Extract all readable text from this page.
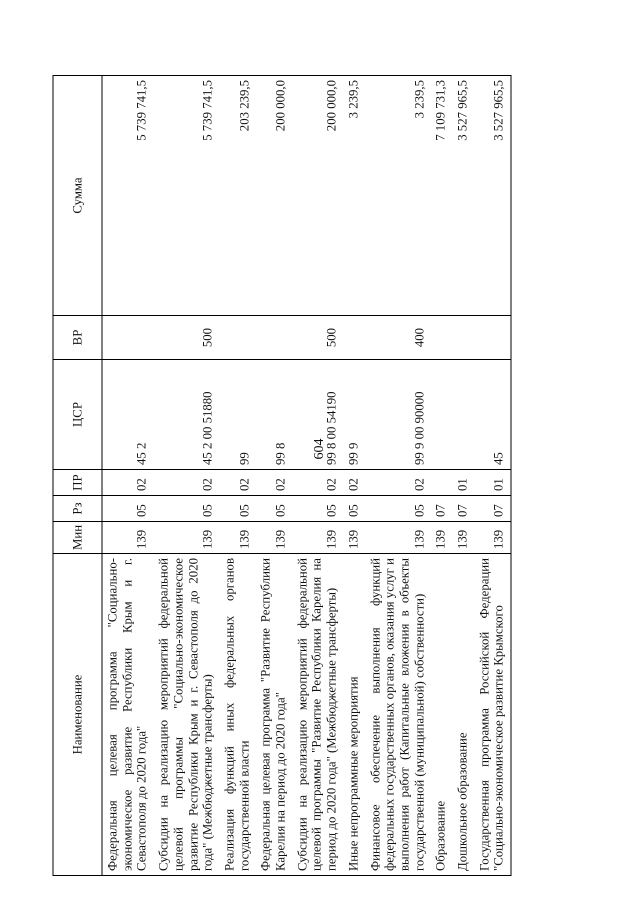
604
Наименование	Мин	Рз	ПР	ЦСР	ВР	Сумма
Федеральная целевая программа "Социально-экономическое развитие Республики Крым и г. Севастополя до 2020 года"	139	05	02	45 2		5 739 741,5
Субсидии на реализацию мероприятий федеральной целевой программы "Социально-экономическое развитие Республики Крым и г. Севастополя до 2020 года" (Межбюджетные трансферты)	139	05	02	45 2 00 51880	500	5 739 741,5
Реализация функций иных федеральных органов государственной власти	139	05	02	99		203 239,5
Федеральная целевая программа "Развитие Республики Карелия на период до 2020 года"	139	05	02	99 8		200 000,0
Субсидии на реализацию мероприятий федеральной целевой программы "Развитие Республики Карелия на период до 2020 года" (Межбюджетные трансферты)	139	05	02	99 8 00 54190	500	200 000,0
Иные непрограммные мероприятия	139	05	02	99 9		3 239,5
Финансовое обеспечение выполнения функций федеральных государственных органов, оказания услуг и выполнения работ (Капитальные вложения в объекты государственной (муниципальной) собственности)	139	05	02	99 9 00 90000	400	3 239,5
Образование	139	07				7 109 731,3
Дошкольное образование	139	07	01			3 527 965,5
Государственная программа Российской Федерации "Социально-экономическое развитие Крымского	139	07	01	45		3 527 965,5
